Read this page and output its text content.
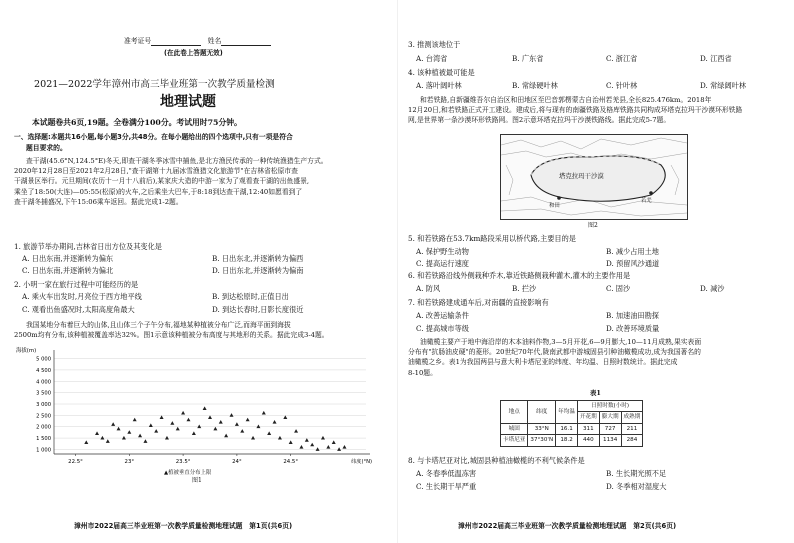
准考证号	姓名
(在此卷上答题无效)
2021—2022学年漳州市高三毕业班第一次教学质量检测
地理试题
本试题卷共6页,19题。全卷满分100分。考试用时75分钟。
一、选择题:本题共16小题,每小题3分,共48分。在每小题给出的四个选项中,只有一项是符合
题目要求的。
查干湖(45.6°N,124.5°E)冬天,即查干湖冬季冰雪中捕鱼,是北方渔民传承的一种传统渔猎生产方式。
2020年12月28日至2021年2月28日,"查干湖第十九届冰雪渔猎文化旅游节"在吉林省松原市查
干湖景区举行。元旦期间(农历十一月十八前后),某家庆大造的中游一家为了观看查干湖的出鱼盛景,
乘坐了18:50(大连)—05:55(松原)的火车,之后乘坐大巴车,于8:18到达查干湖,12:40如愿看到了
查干湖冬捕盛况,下午15:06乘车返回。据此完成1-2题。
1. 旅游节举办期间,吉林省日出方位及其变化是
A. 日出东南,并逐渐转为偏东	B. 日出东北,并逐渐转为偏西
C. 日出东南,并逐渐转为偏北	D. 日出东北,并逐渐转为偏南
2. 小明一家在旅行过程中可能经历的是
A. 乘火车出发时,月亮位于西方地平线	B. 到达松原时,正值日出
C. 观看出鱼盛况时,太阳高度角最大	D. 到达长春时,日影长度很近
我国某地分布着巨大的山体,且山体三个子午分布,福地某种植被分布广泛,而海平面到海拔
2500m均有分布,该种植被覆盖率达32%。图1示意该种植被分布高度与其地形的关系。据此完成3-4题。
海拔(m)
5 000
4 500
4 000
3 500
3 000
2 500
2 000
1 500
1 000
22.5°	23°	23.5°	24°	24.5°	纬度(°N)
▲植被垂直分布上限
图1
漳州市2022届高三毕业班第一次教学质量检测地理试题　第1页(共6页)
3. 推测该地位于
A. 台湾省	B. 广东省	C. 浙江省	D. 江西省
4. 该种植被最可能是
A. 落叶阔叶林	B. 常绿硬叶林	C. 针叶林	D. 常绿阔叶林
和若铁路,自新疆维吾尔自治区和田地区至巴音郭楞蒙古自治州若羌县,全长825.476km。2018年
12月20日,和若铁路正式开工建设。建成后,将与现有的南疆铁路及格库铁路共同构成环塔克拉玛干沙漠环形铁路
网,是世界第一条沙漠环形铁路网。图2示意环塔克拉玛干沙漠铁路线。据此完成5-7题。
塔克拉玛干沙漠
和田
若羌
图2
5. 和若铁路在53.7km路段采用以桥代路,主要目的是
A. 保护野生动物	B. 减少占用土地
C. 提高运行速度	D. 预留风沙通道
6. 和若铁路沿线外侧栽种乔木,靠近铁路侧栽种灌木,灌木的主要作用是
A. 防风	B. 拦沙	C. 固沙	D. 减沙
7. 和若铁路建成通车后,对南疆的直接影响有
A. 改善运输条件	B. 加速油田勘探
C. 提高城市等级	D. 改善环境质量
油橄榄主要产于地中海沿岸的木本油料作物,3—5月开花,6—9月膨大,10—11月成熟,果实表面
分布有"抗肠油皮硬"的菱形。20世纪70年代,陇南武都中游城固县引种油橄榄成功,成为我国著名的
油橄榄之乡。表1为我国两县与意大利卡塔尼亚的纬度、年均温、日照时数统计。据此完成
8-10题。
表1
地点	纬度	年均温	日照时数(小时)		
			开花期	膨大期	成熟期
城固	33°N	16.1	311	727	211
卡塔尼亚	37°30'N	18.2	440	1134	284
8. 与卡塔尼亚对比,城固县种植油橄榄的不利气候条件是
A. 冬春季低温冻害	B. 生长期光照不足
C. 生长期干旱严重	D. 冬季相对湿度大
漳州市2022届高三毕业班第一次教学质量检测地理试题　第2页(共6页)
